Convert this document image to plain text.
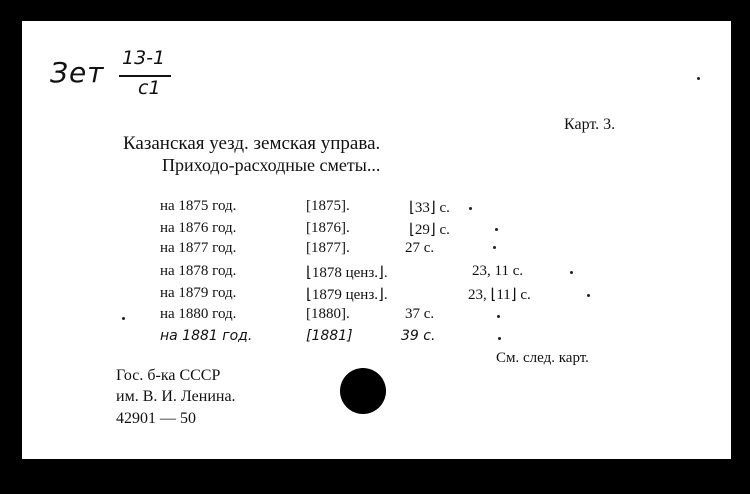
Зет 13-1
c1
Карт. 3.
Казанская уезд. земская управа.
Приходо-расходные сметы...
на 1875 год.	[1875].	⌊33⌋ с.
на 1876 год.	[1876].	⌊29⌋ с.
на 1877 год.	[1877].	27 с.
на 1878 год.	⌊1878 ценз.⌋.	23, 11 с.
на 1879 год.	⌊1879 ценз.⌋.	23, ⌊11⌋ с.
на 1880 год.	[1880].	37 с.
на 1881 год.	[1881]	39 с.
См. след. карт.
Гос. б-ка СССР
им. В. И. Ленина.
42901 — 50
